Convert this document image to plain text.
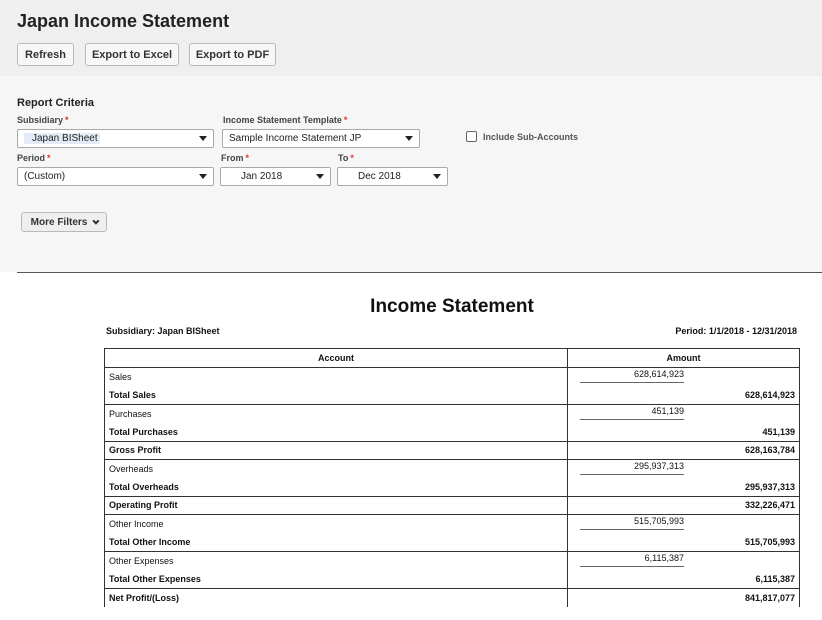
Japan Income Statement
Refresh	Export to Excel	Export to PDF
Report Criteria
Subsidiary *
Japan BISheet
Income Statement Template *
Sample Income Statement JP	Include Sub-Accounts
Period *
(Custom)
From *
Jan 2018
To *
Dec 2018
More Filters
Income Statement
Subsidiary: Japan BISheet	Period: 1/1/2018 - 12/31/2018
Account	Amount
Sales	628,614,923

Total Sales	628,614,923
Purchases	451,139

Total Purchases	451,139
Gross Profit	628,163,784
Overheads	295,937,313

Total Overheads	295,937,313
Operating Profit	332,226,471
Other Income	515,705,993

Total Other Income	515,705,993
Other Expenses	6,115,387

Total Other Expenses	6,115,387
Net Profit/(Loss)	841,817,077
